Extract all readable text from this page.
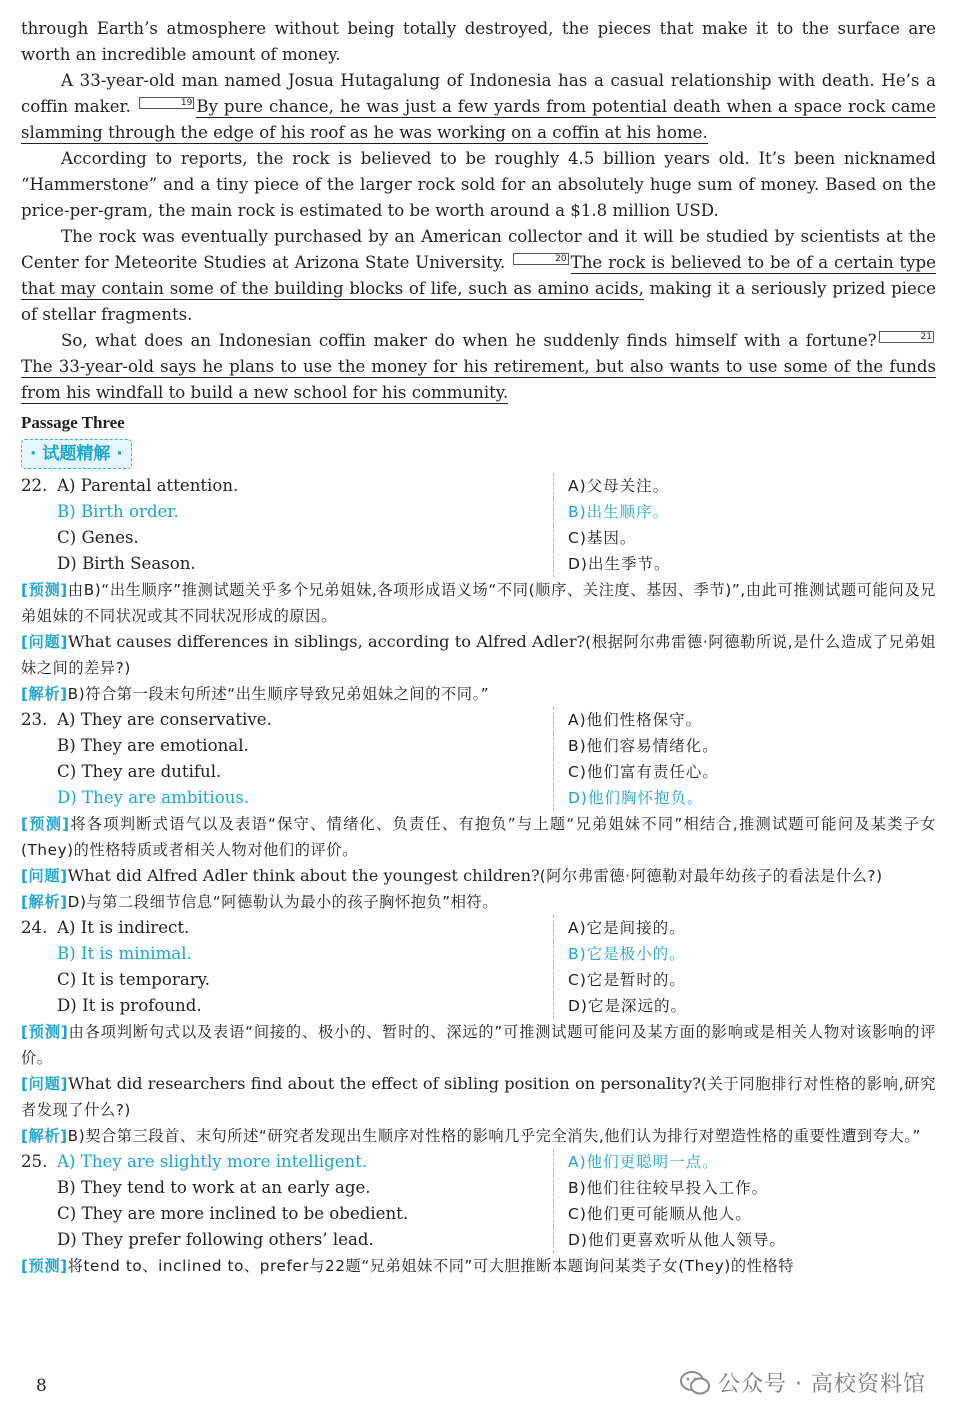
through Earth’s atmosphere without being totally destroyed, the pieces that make it to the surface are worth an incredible amount of money.

A 33-year-old man named Josua Hutagalung of Indonesia has a casual relationship with death. He’s a coffin maker.	19 By pure chance, he was just a few yards from potential death when a space rock came slamming through the edge of his roof as he was working on a coffin at his home.

According to reports, the rock is believed to be roughly 4.5 billion years old. It’s been nicknamed “Hammerstone” and a tiny piece of the larger rock sold for an absolutely huge sum of money. Based on the price-per-gram, the main rock is estimated to be worth around a $1.8 million USD.

The rock was eventually purchased by an American collector and it will be studied by scientists at the Center for Meteorite Studies at Arizona State University.	20 The rock is believed to be of a certain type that may contain some of the building blocks of life, such as amino acids, making it a seriously prized piece of stellar fragments.

So, what does an Indonesian coffin maker do when he suddenly finds himself with a fortune?	21 The 33-year-old says he plans to use the money for his retirement, but also wants to use some of the funds from his windfall to build a new school for his community.

Passage Three
· 试题精解 ·
22. A) Parental attention.	A)父母关注。
B) Birth order.	B)出生顺序。
C) Genes.	C)基因。
D) Birth Season.	D)出生季节。

[预测]由B)“出生顺序”推测试题关乎多个兄弟姐妹,各项形成语义场“不同(顺序、关注度、基因、季节)”,由此可推测试题可能问及兄弟姐妹的不同状况或其不同状况形成的原因。

[问题]What causes differences in siblings, according to Alfred Adler?(根据阿尔弗雷德·阿德勒所说,是什么造成了兄弟姐妹之间的差异?)

[解析]B)符合第一段末句所述“出生顺序导致兄弟姐妹之间的不同。”

23. A) They are conservative.	A)他们性格保守。
B) They are emotional.	B)他们容易情绪化。
C) They are dutiful.	C)他们富有责任心。
D) They are ambitious.	D)他们胸怀抱负。

[预测]将各项判断式语气以及表语“保守、情绪化、负责任、有抱负”与上题“兄弟姐妹不同”相结合,推测试题可能问及某类子女(They)的性格特质或者相关人物对他们的评价。

[问题]What did Alfred Adler think about the youngest children?(阿尔弗雷德·阿德勒对最年幼孩子的看法是什么?)

[解析]D)与第二段细节信息“阿德勒认为最小的孩子胸怀抱负”相符。

24. A) It is indirect.	A)它是间接的。
B) It is minimal.	B)它是极小的。
C) It is temporary.	C)它是暂时的。
D) It is profound.	D)它是深远的。

[预测]由各项判断句式以及表语“间接的、极小的、暂时的、深远的”可推测试题可能问及某方面的影响或是相关人物对该影响的评价。

[问题]What did researchers find about the effect of sibling position on personality?(关于同胞排行对性格的影响,研究者发现了什么?)

[解析]B)契合第三段首、末句所述“研究者发现出生顺序对性格的影响几乎完全消失,他们认为排行对塑造性格的重要性遭到夸大。”

25. A) They are slightly more intelligent.	A)他们更聪明一点。
B) They tend to work at an early age.	B)他们往往较早投入工作。
C) They are more inclined to be obedient.	C)他们更可能顺从他人。
D) They prefer following others’ lead.	D)他们更喜欢听从他人领导。

[预测]将tend to、inclined to、prefer与22题“兄弟姐妹不同”可大胆推断本题询问某类子女(They)的性格特

8	公众号 · 高校资料馆
